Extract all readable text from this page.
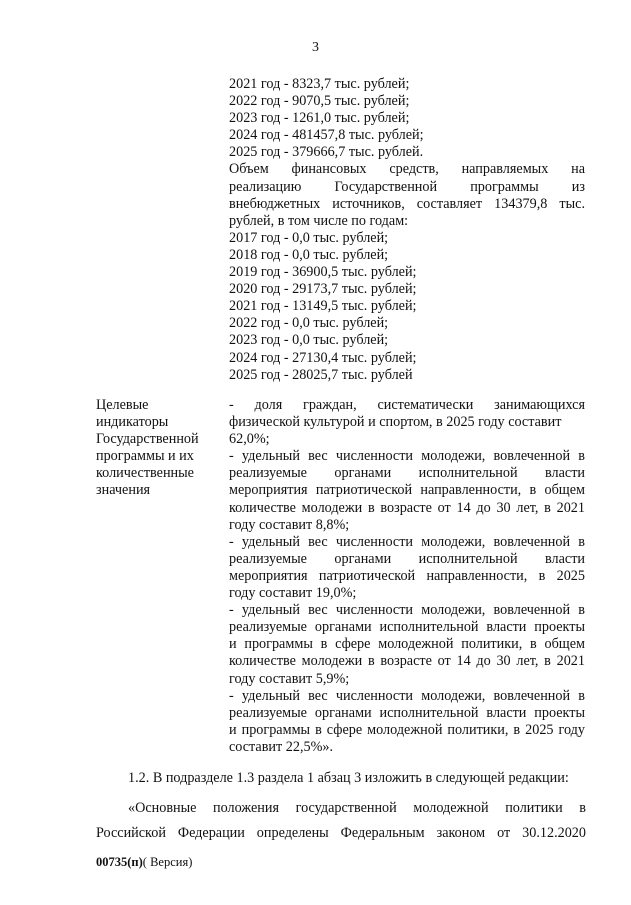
3
2021 год - 8323,7 тыс. рублей;
2022 год - 9070,5 тыс. рублей;
2023 год - 1261,0 тыс. рублей;
2024 год - 481457,8 тыс. рублей;
2025 год - 379666,7 тыс. рублей.
Объем финансовых средств, направляемых на
реализацию Государственной программы из
внебюджетных источников, составляет 134379,8 тыс.
рублей, в том числе по годам:
2017 год - 0,0 тыс. рублей;
2018 год - 0,0 тыс. рублей;
2019 год - 36900,5 тыс. рублей;
2020 год - 29173,7 тыс. рублей;
2021 год - 13149,5 тыс. рублей;
2022 год - 0,0 тыс. рублей;
2023 год - 0,0 тыс. рублей;
2024 год - 27130,4 тыс. рублей;
2025 год - 28025,7 тыс. рублей
Целевые
индикаторы
Государственной
программы и их
количественные
значения
- доля граждан, систематически занимающихся
физической культурой и спортом, в 2025 году составит
62,0%;
- удельный вес численности молодежи, вовлеченной в
реализуемые органами исполнительной власти
мероприятия патриотической направленности, в общем
количестве молодежи в возрасте от 14 до 30 лет, в 2021
году составит 8,8%;
- удельный вес численности молодежи, вовлеченной в
реализуемые органами исполнительной власти
мероприятия патриотической направленности, в 2025
году составит 19,0%;
- удельный вес численности молодежи, вовлеченной в
реализуемые органами исполнительной власти проекты
и программы в сфере молодежной политики, в общем
количестве молодежи в возрасте от 14 до 30 лет, в 2021
году составит 5,9%;
- удельный вес численности молодежи, вовлеченной в
реализуемые органами исполнительной власти проекты
и программы в сфере молодежной политики, в 2025 году
составит 22,5%».
1.2. В подразделе 1.3 раздела 1 абзац 3 изложить в следующей редакции:
«Основные положения государственной молодежной политики в
Российской Федерации определены Федеральным законом от 30.12.2020
00735(п)( Версия)
